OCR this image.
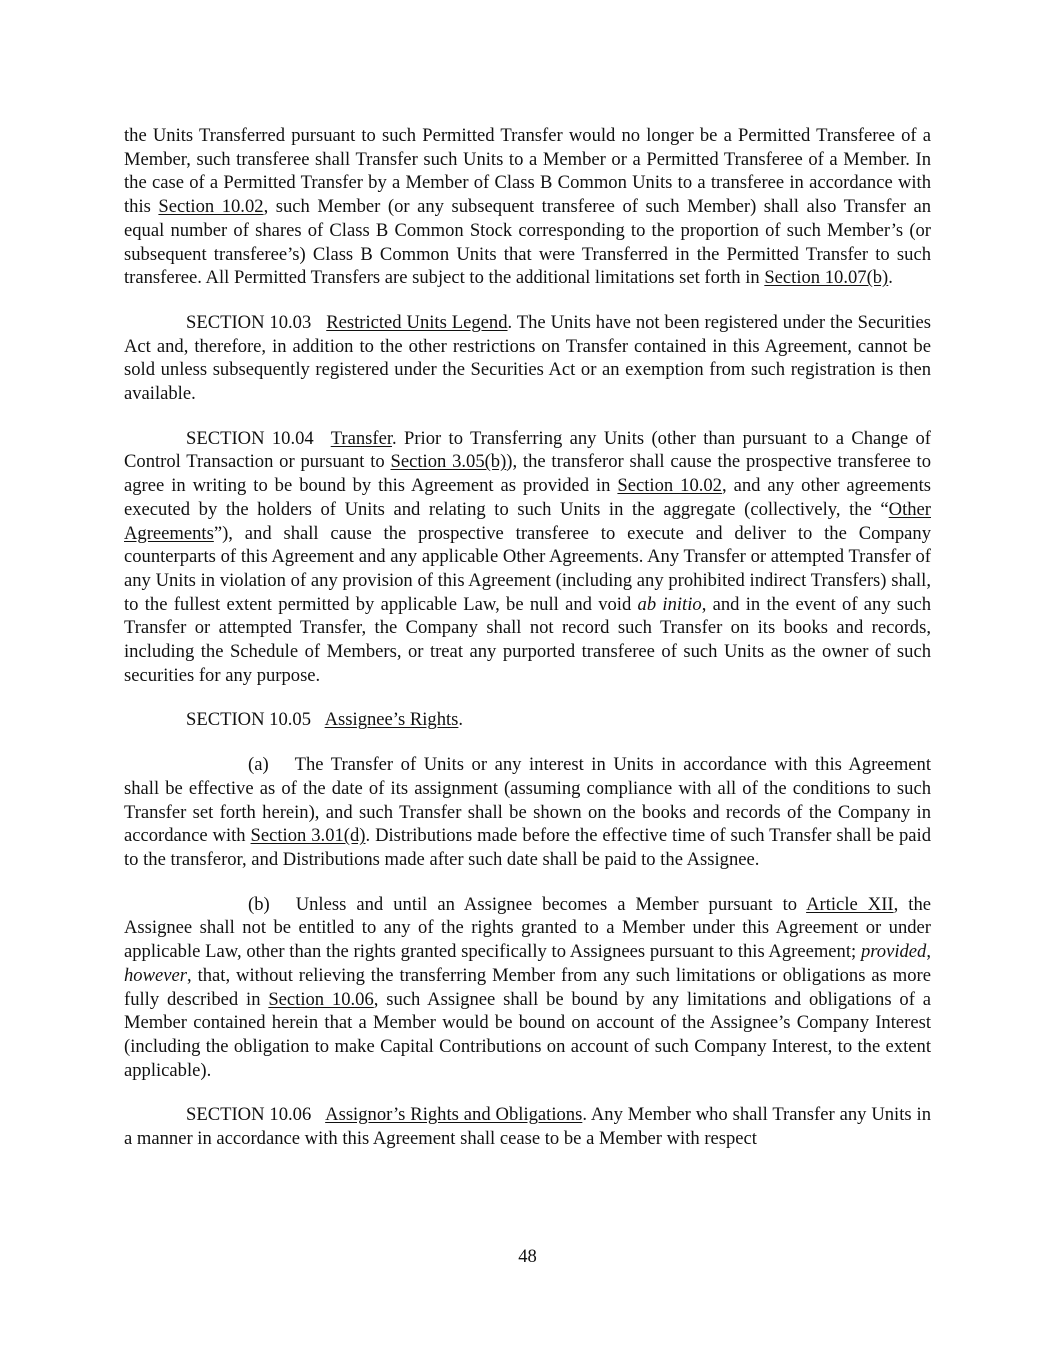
the Units Transferred pursuant to such Permitted Transfer would no longer be a Permitted Transferee of a Member, such transferee shall Transfer such Units to a Member or a Permitted Transferee of a Member. In the case of a Permitted Transfer by a Member of Class B Common Units to a transferee in accordance with this Section 10.02, such Member (or any subsequent transferee of such Member) shall also Transfer an equal number of shares of Class B Common Stock corresponding to the proportion of such Member’s (or subsequent transferee’s) Class B Common Units that were Transferred in the Permitted Transfer to such transferee. All Permitted Transfers are subject to the additional limitations set forth in Section 10.07(b).

SECTION 10.03 Restricted Units Legend. The Units have not been registered under the Securities Act and, therefore, in addition to the other restrictions on Transfer contained in this Agreement, cannot be sold unless subsequently registered under the Securities Act or an exemption from such registration is then available.

SECTION 10.04 Transfer. Prior to Transferring any Units (other than pursuant to a Change of Control Transaction or pursuant to Section 3.05(b)), the transferor shall cause the prospective transferee to agree in writing to be bound by this Agreement as provided in Section 10.02, and any other agreements executed by the holders of Units and relating to such Units in the aggregate (collectively, the “Other Agreements”), and shall cause the prospective transferee to execute and deliver to the Company counterparts of this Agreement and any applicable Other Agreements. Any Transfer or attempted Transfer of any Units in violation of any provision of this Agreement (including any prohibited indirect Transfers) shall, to the fullest extent permitted by applicable Law, be null and void ab initio, and in the event of any such Transfer or attempted Transfer, the Company shall not record such Transfer on its books and records, including the Schedule of Members, or treat any purported transferee of such Units as the owner of such securities for any purpose.

SECTION 10.05 Assignee’s Rights.

(a) The Transfer of Units or any interest in Units in accordance with this Agreement shall be effective as of the date of its assignment (assuming compliance with all of the conditions to such Transfer set forth herein), and such Transfer shall be shown on the books and records of the Company in accordance with Section 3.01(d). Distributions made before the effective time of such Transfer shall be paid to the transferor, and Distributions made after such date shall be paid to the Assignee.

(b) Unless and until an Assignee becomes a Member pursuant to Article XII, the Assignee shall not be entitled to any of the rights granted to a Member under this Agreement or under applicable Law, other than the rights granted specifically to Assignees pursuant to this Agreement; provided, however, that, without relieving the transferring Member from any such limitations or obligations as more fully described in Section 10.06, such Assignee shall be bound by any limitations and obligations of a Member contained herein that a Member would be bound on account of the Assignee’s Company Interest (including the obligation to make Capital Contributions on account of such Company Interest, to the extent applicable).

SECTION 10.06 Assignor’s Rights and Obligations. Any Member who shall Transfer any Units in a manner in accordance with this Agreement shall cease to be a Member with respect

48
